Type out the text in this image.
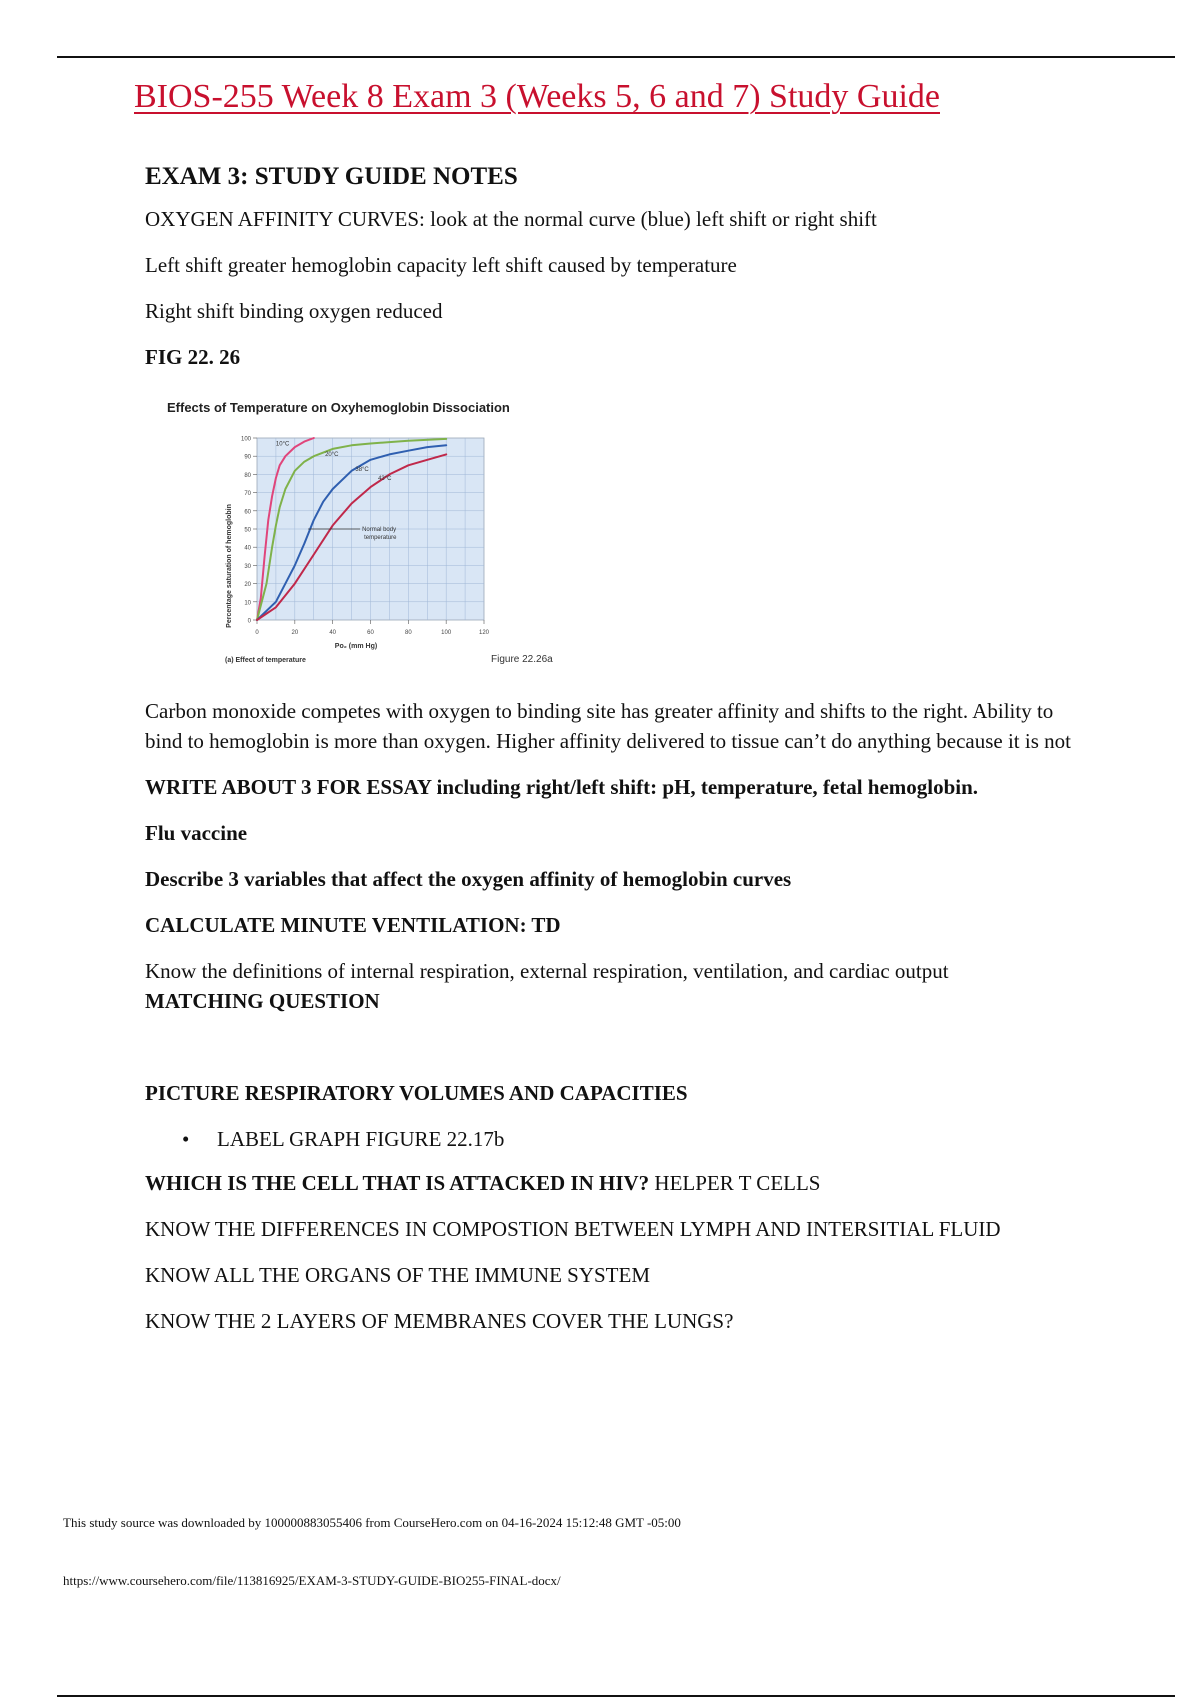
BIOS-255 Week 8 Exam 3 (Weeks 5, 6 and 7) Study Guide

EXAM 3: STUDY GUIDE NOTES

OXYGEN AFFINITY CURVES: look at the normal curve (blue) left shift or right shift

Left shift greater hemoglobin capacity left shift caused by temperature

Right shift binding oxygen reduced

FIG 22. 26

Effects of Temperature on Oxyhemoglobin Dissociation
0
10
20
30
40
50
60
70
80
90
100
0	20	40	60	80	100	120
10°C
20°C
38°C
43°C
Normal body
temperature
Percentage saturation of hemoglobin
Po₂ (mm Hg)
(a) Effect of temperature	Figure 22.26a

Carbon monoxide competes with oxygen to binding site has greater affinity and shifts to the right. Ability to bind to hemoglobin is more than oxygen. Higher affinity delivered to tissue can’t do anything because it is not

WRITE ABOUT 3 FOR ESSAY including right/left shift: pH, temperature, fetal hemoglobin.

Flu vaccine

Describe 3 variables that affect the oxygen affinity of hemoglobin curves

CALCULATE MINUTE VENTILATION: TD

Know the definitions of internal respiration, external respiration, ventilation, and cardiac output

MATCHING QUESTION

PICTURE RESPIRATORY VOLUMES AND CAPACITIES

• LABEL GRAPH FIGURE 22.17b

WHICH IS THE CELL THAT IS ATTACKED IN HIV? HELPER T CELLS

KNOW THE DIFFERENCES IN COMPOSTION BETWEEN LYMPH AND INTERSITIAL FLUID

KNOW ALL THE ORGANS OF THE IMMUNE SYSTEM

KNOW THE 2 LAYERS OF MEMBRANES COVER THE LUNGS?

This study source was downloaded by 100000883055406 from CourseHero.com on 04-16-2024 15:12:48 GMT -05:00
https://www.coursehero.com/file/113816925/EXAM-3-STUDY-GUIDE-BIO255-FINAL-docx/
